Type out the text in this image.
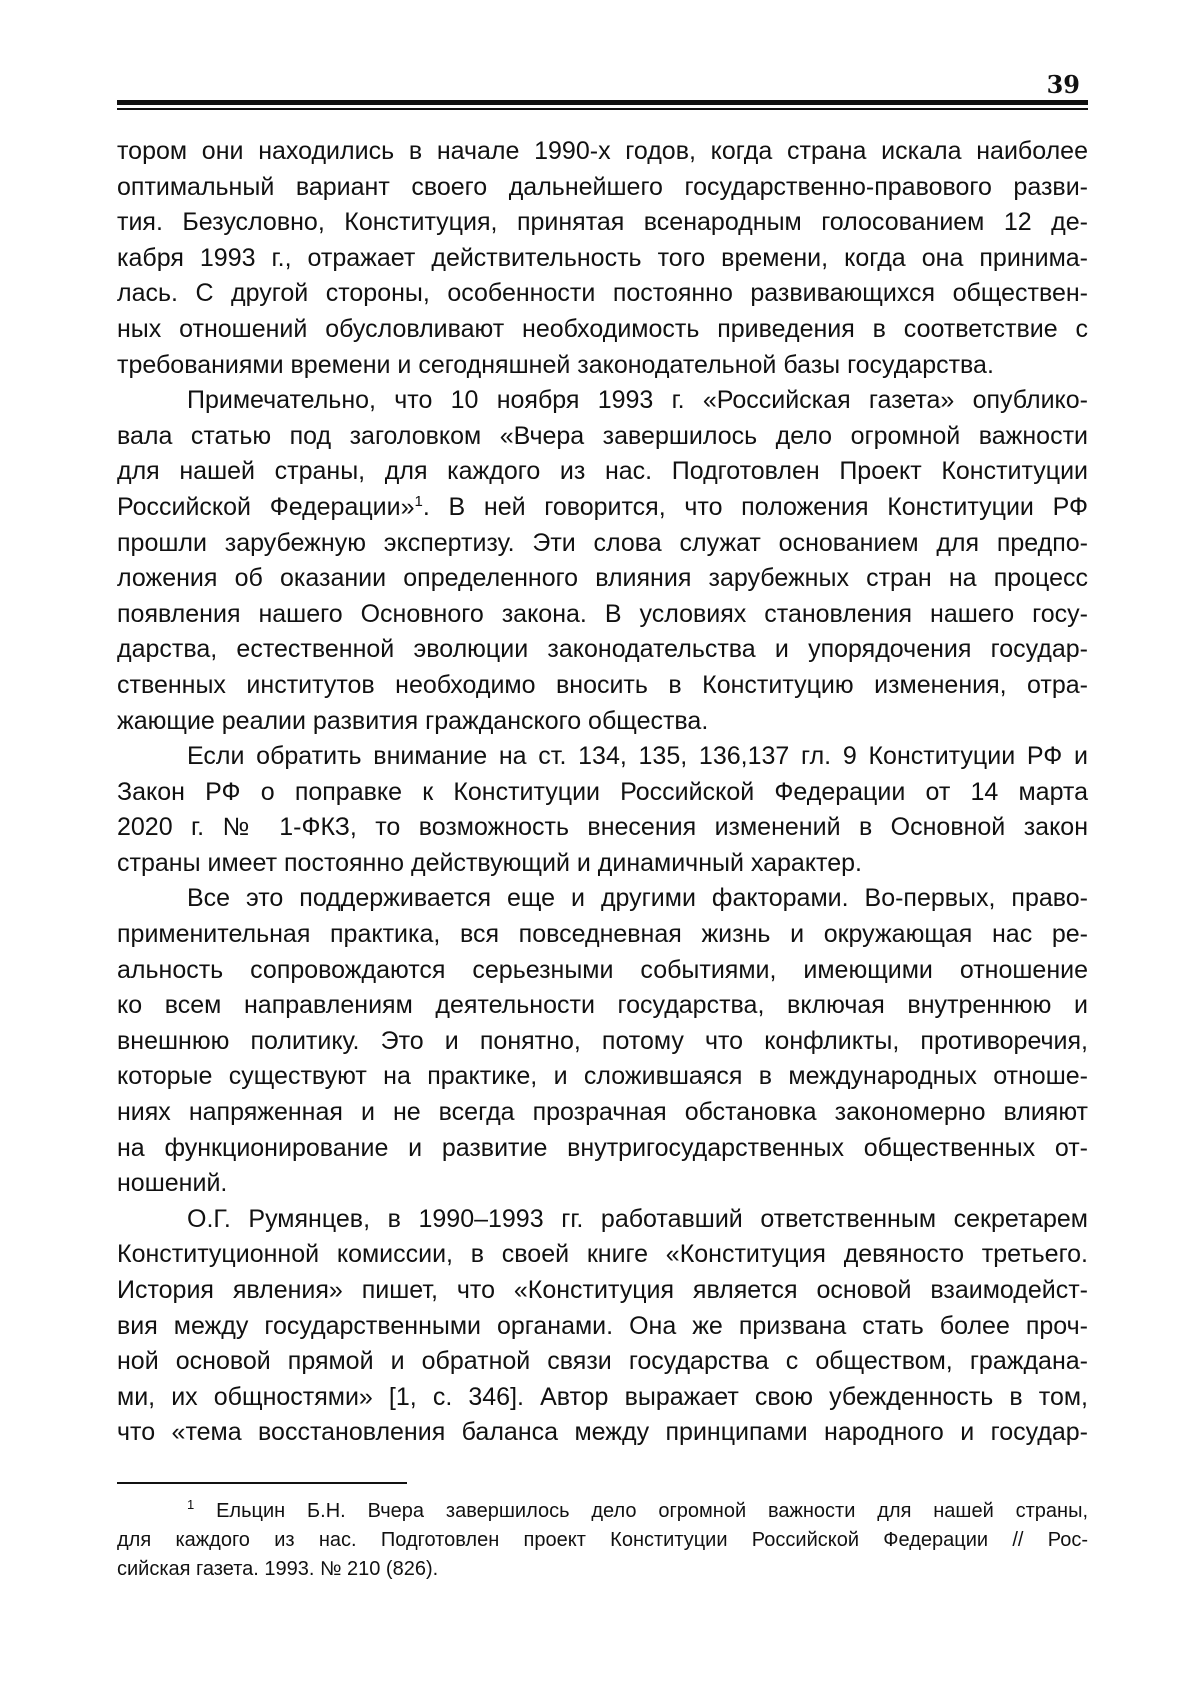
39
тором они находились в начале 1990-х годов, когда страна искала наиболее
оптимальный вариант своего дальнейшего государственно-правового разви-
тия. Безусловно, Конституция, принятая всенародным голосованием 12 де-
кабря 1993 г., отражает действительность того времени, когда она принима-
лась. С другой стороны, особенности постоянно развивающихся обществен-
ных отношений обусловливают необходимость приведения в соответствие с
требованиями времени и сегодняшней законодательной базы государства.
Примечательно, что 10 ноября 1993 г. «Российская газета» опублико-
вала статью под заголовком «Вчера завершилось дело огромной важности
для нашей страны, для каждого из нас. Подготовлен Проект Конституции
Российской Федерации»$^1$. В ней говорится, что положения Конституции РФ
прошли зарубежную экспертизу. Эти слова служат основанием для предпо-
ложения об оказании определенного влияния зарубежных стран на процесс
появления нашего Основного закона. В условиях становления нашего госу-
дарства, естественной эволюции законодательства и упорядочения государ-
ственных институтов необходимо вносить в Конституцию изменения, отра-
жающие реалии развития гражданского общества.
Если обратить внимание на ст. 134, 135, 136,137 гл. 9 Конституции РФ и
Закон РФ о поправке к Конституции Российской Федерации от 14 марта
2020 г. № 1-ФКЗ, то возможность внесения изменений в Основной закон
страны имеет постоянно действующий и динамичный характер.
Все это поддерживается еще и другими факторами. Во-первых, право-
применительная практика, вся повседневная жизнь и окружающая нас ре-
альность сопровождаются серьезными событиями, имеющими отношение
ко всем направлениям деятельности государства, включая внутреннюю и
внешнюю политику. Это и понятно, потому что конфликты, противоречия,
которые существуют на практике, и сложившаяся в международных отноше-
ниях напряженная и не всегда прозрачная обстановка закономерно влияют
на функционирование и развитие внутригосударственных общественных от-
ношений.
О.Г. Румянцев, в 1990–1993 гг. работавший ответственным секретарем
Конституционной комиссии, в своей книге «Конституция девяносто третьего.
История явления» пишет, что «Конституция является основой взаимодейст-
вия между государственными органами. Она же призвана стать более проч-
ной основой прямой и обратной связи государства с обществом, граждана-
ми, их общностями» [1, с. 346]. Автор выражает свою убежденность в том,
что «тема восстановления баланса между принципами народного и государ-
$^1$ Ельцин Б.Н. Вчера завершилось дело огромной важности для нашей страны,
для каждого из нас. Подготовлен проект Конституции Российской Федерации // Рос-
сийская газета. 1993. № 210 (826).
